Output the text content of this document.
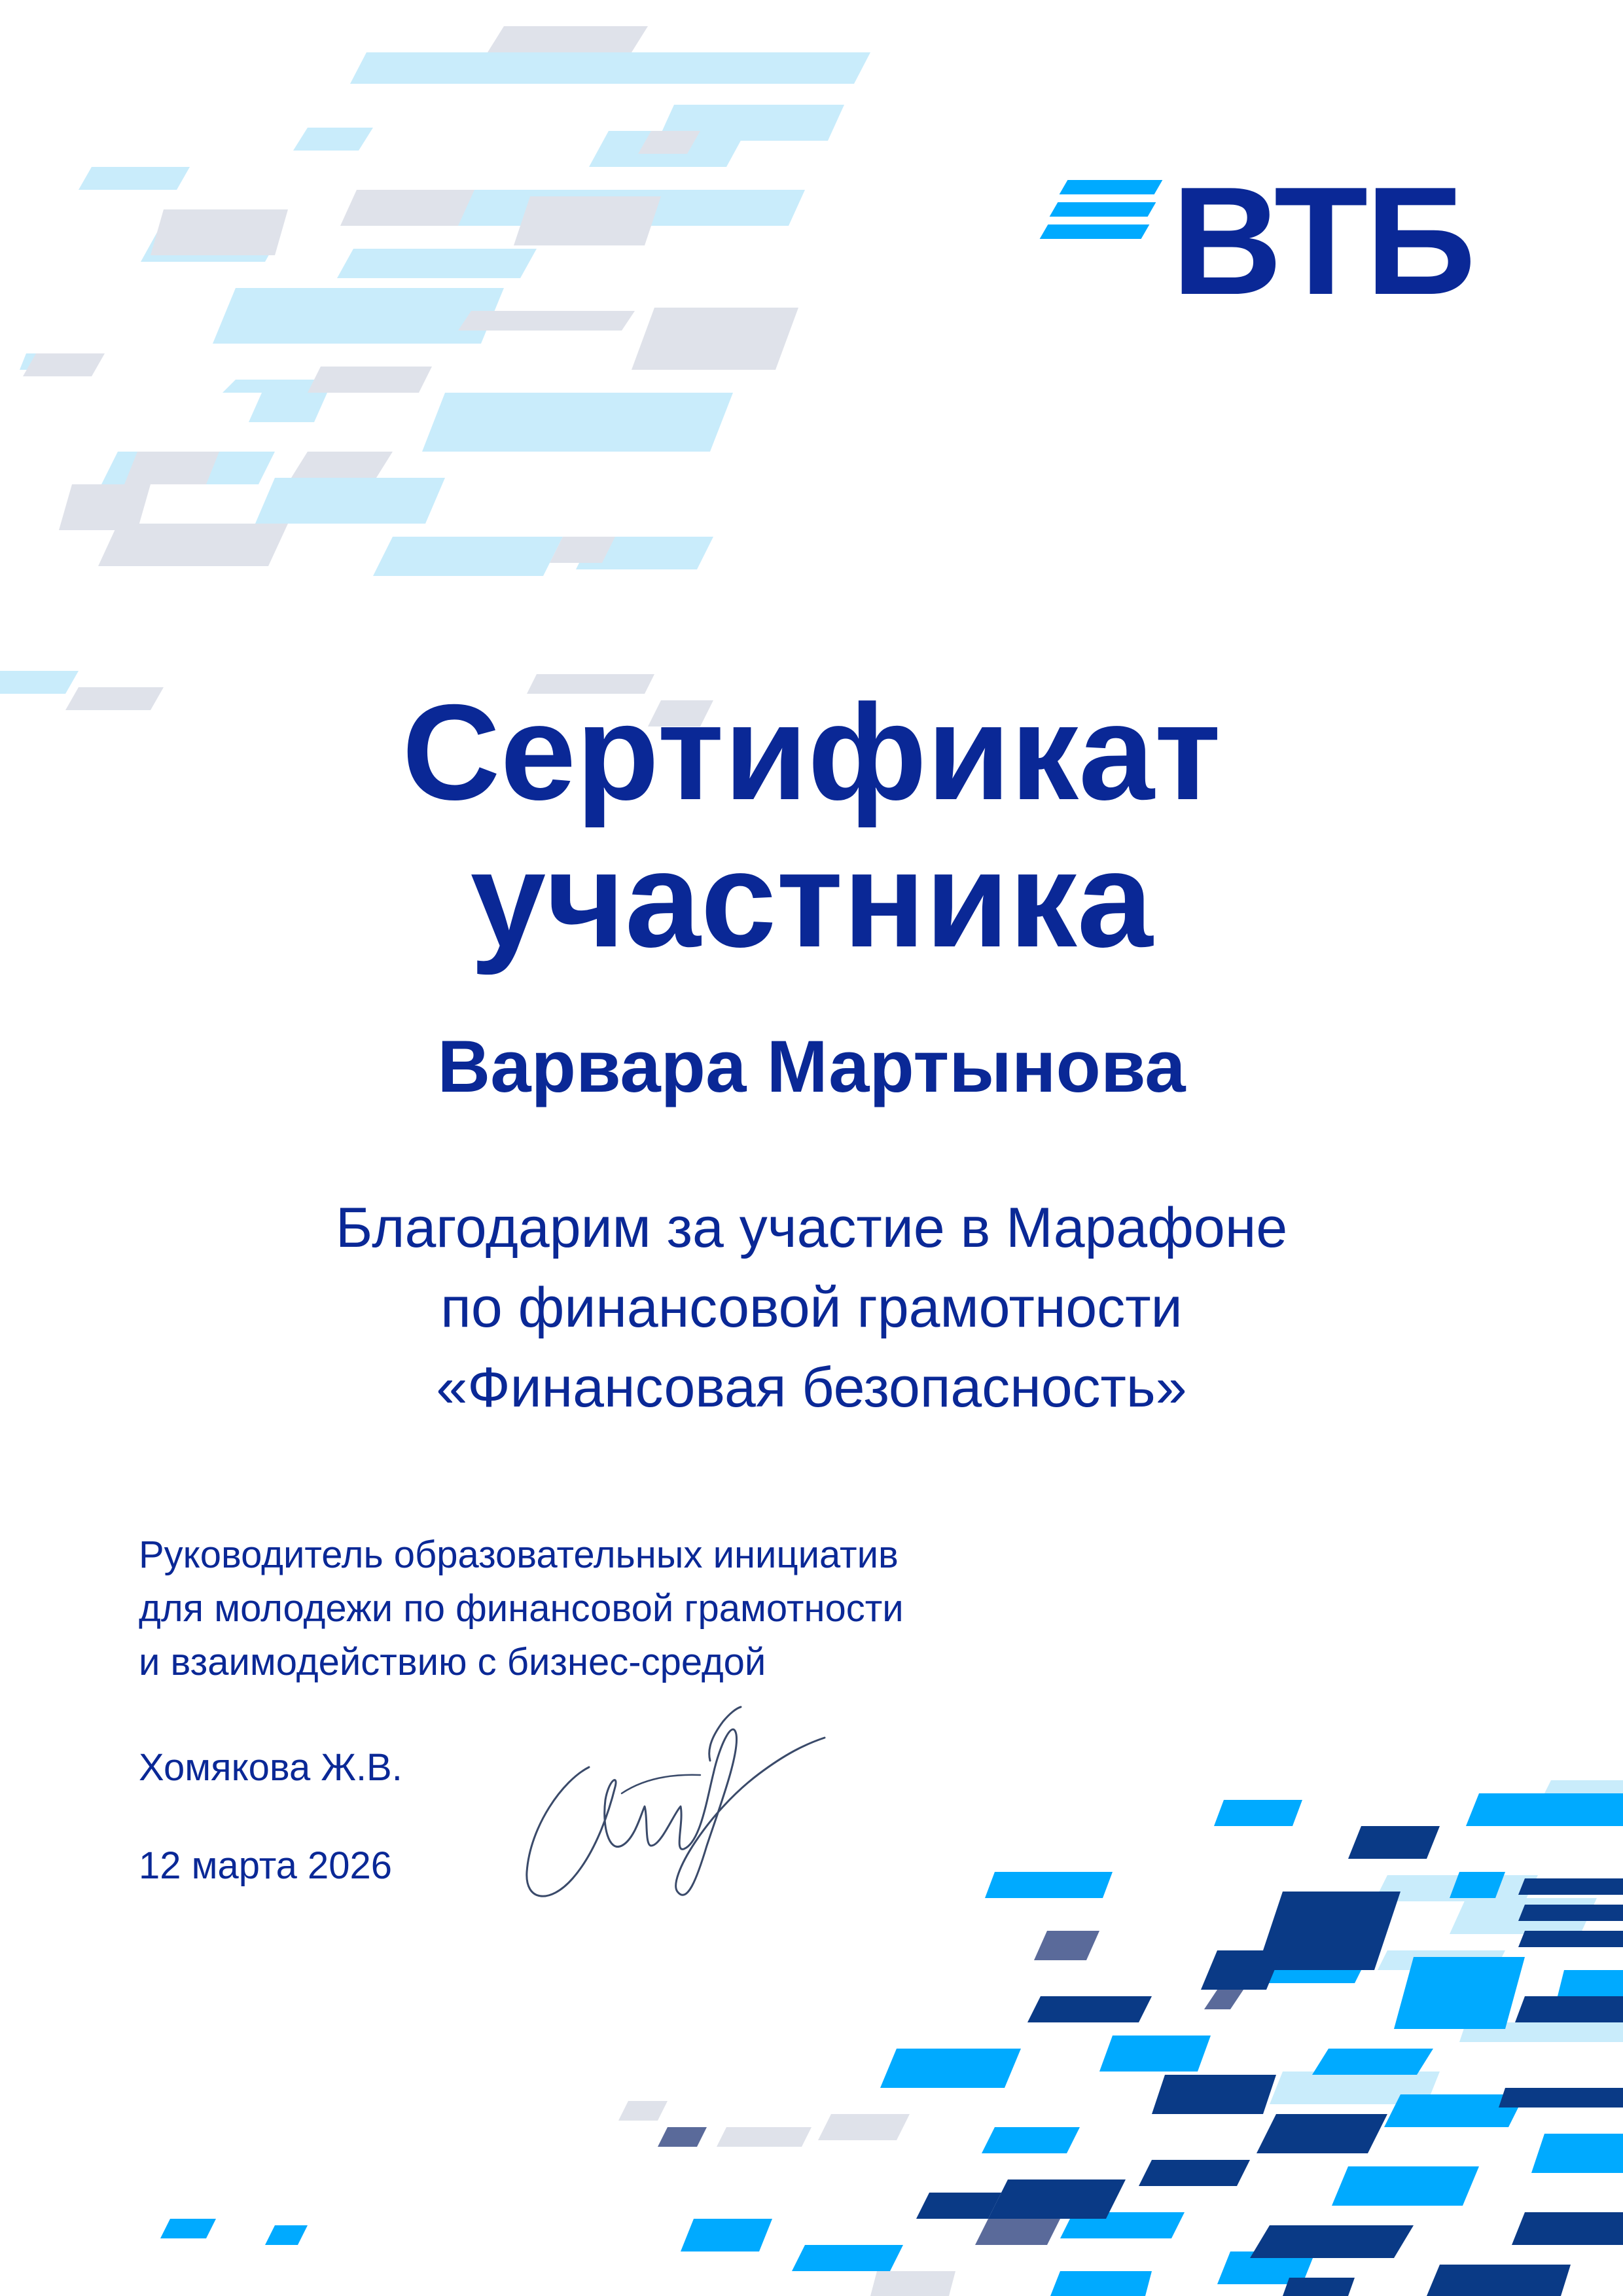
ВТБ
Сертификат
участника
Варвара Мартынова
Благодарим за участие в Марафоне
по финансовой грамотности
«Финансовая безопасность»
Руководитель образовательных инициатив
для молодежи по финансовой грамотности
и взаимодействию с бизнес-средой
Хомякова Ж.В.
12 марта 2026
